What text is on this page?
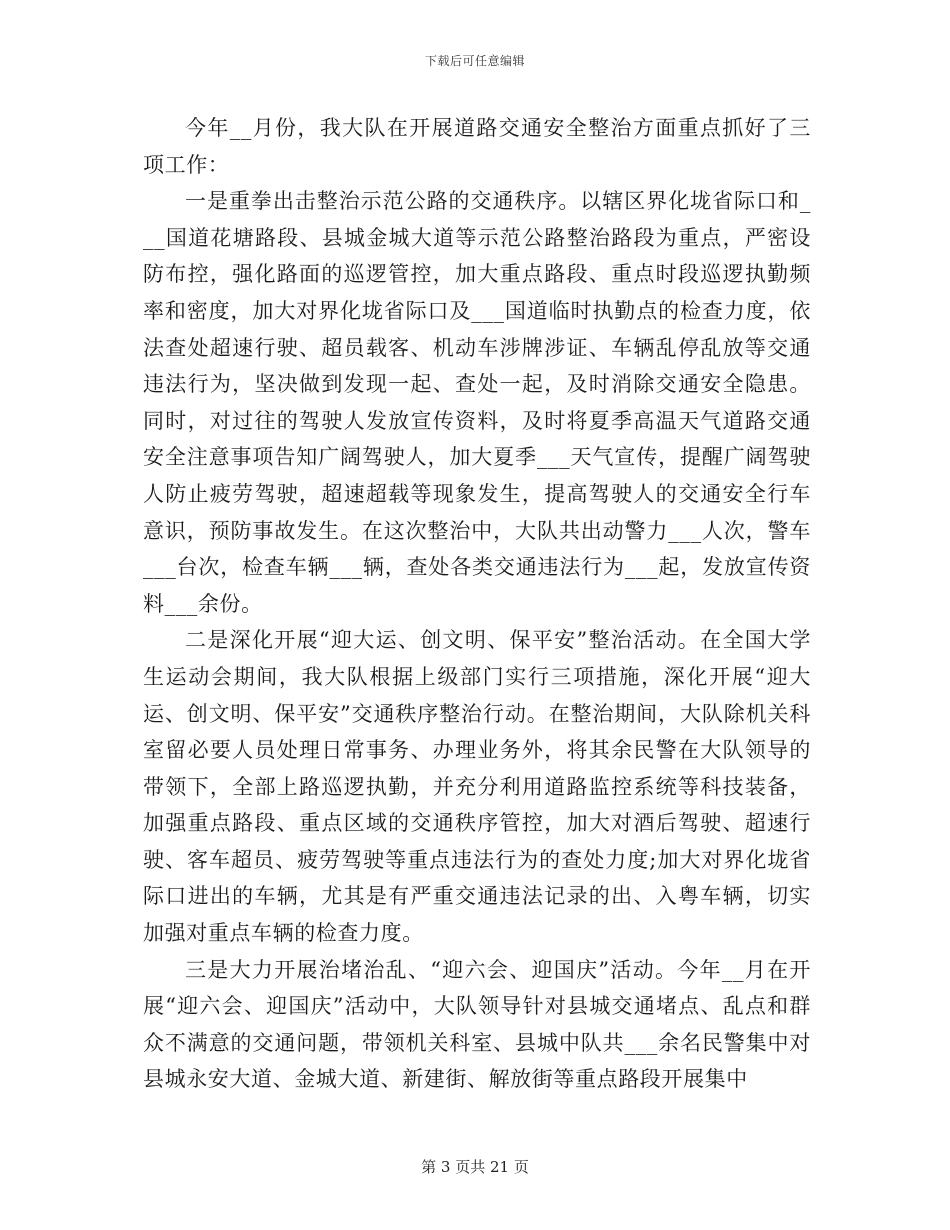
下载后可任意编辑

今年__月份，我大队在开展道路交通安全整治方面重点抓好了三项工作：

一是重拳出击整治示范公路的交通秩序。以辖区界化垅省际口和___国道花塘路段、县城金城大道等示范公路整治路段为重点，严密设防布控，强化路面的巡逻管控，加大重点路段、重点时段巡逻执勤频率和密度，加大对界化垅省际口及___国道临时执勤点的检查力度，依法查处超速行驶、超员载客、机动车涉牌涉证、车辆乱停乱放等交通违法行为，坚决做到发现一起、查处一起，及时消除交通安全隐患。同时，对过往的驾驶人发放宣传资料，及时将夏季高温天气道路交通安全注意事项告知广阔驾驶人，加大夏季___天气宣传，提醒广阔驾驶人防止疲劳驾驶，超速超载等现象发生，提高驾驶人的交通安全行车意识，预防事故发生。在这次整治中，大队共出动警力___人次，警车___台次，检查车辆___辆，查处各类交通违法行为___起，发放宣传资料___余份。

二是深化开展“迎大运、创文明、保平安”整治活动。在全国大学生运动会期间，我大队根据上级部门实行三项措施，深化开展“迎大运、创文明、保平安”交通秩序整治行动。在整治期间，大队除机关科室留必要人员处理日常事务、办理业务外，将其余民警在大队领导的带领下，全部上路巡逻执勤，并充分利用道路监控系统等科技装备，加强重点路段、重点区域的交通秩序管控，加大对酒后驾驶、超速行驶、客车超员、疲劳驾驶等重点违法行为的查处力度;加大对界化垅省际口进出的车辆，尤其是有严重交通违法记录的出、入粤车辆，切实加强对重点车辆的检查力度。

三是大力开展治堵治乱、“迎六会、迎国庆”活动。今年__月在开展“迎六会、迎国庆”活动中，大队领导针对县城交通堵点、乱点和群众不满意的交通问题，带领机关科室、县城中队共___余名民警集中对县城永安大道、金城大道、新建街、解放街等重点路段开展集中

第 3 页共 21 页
